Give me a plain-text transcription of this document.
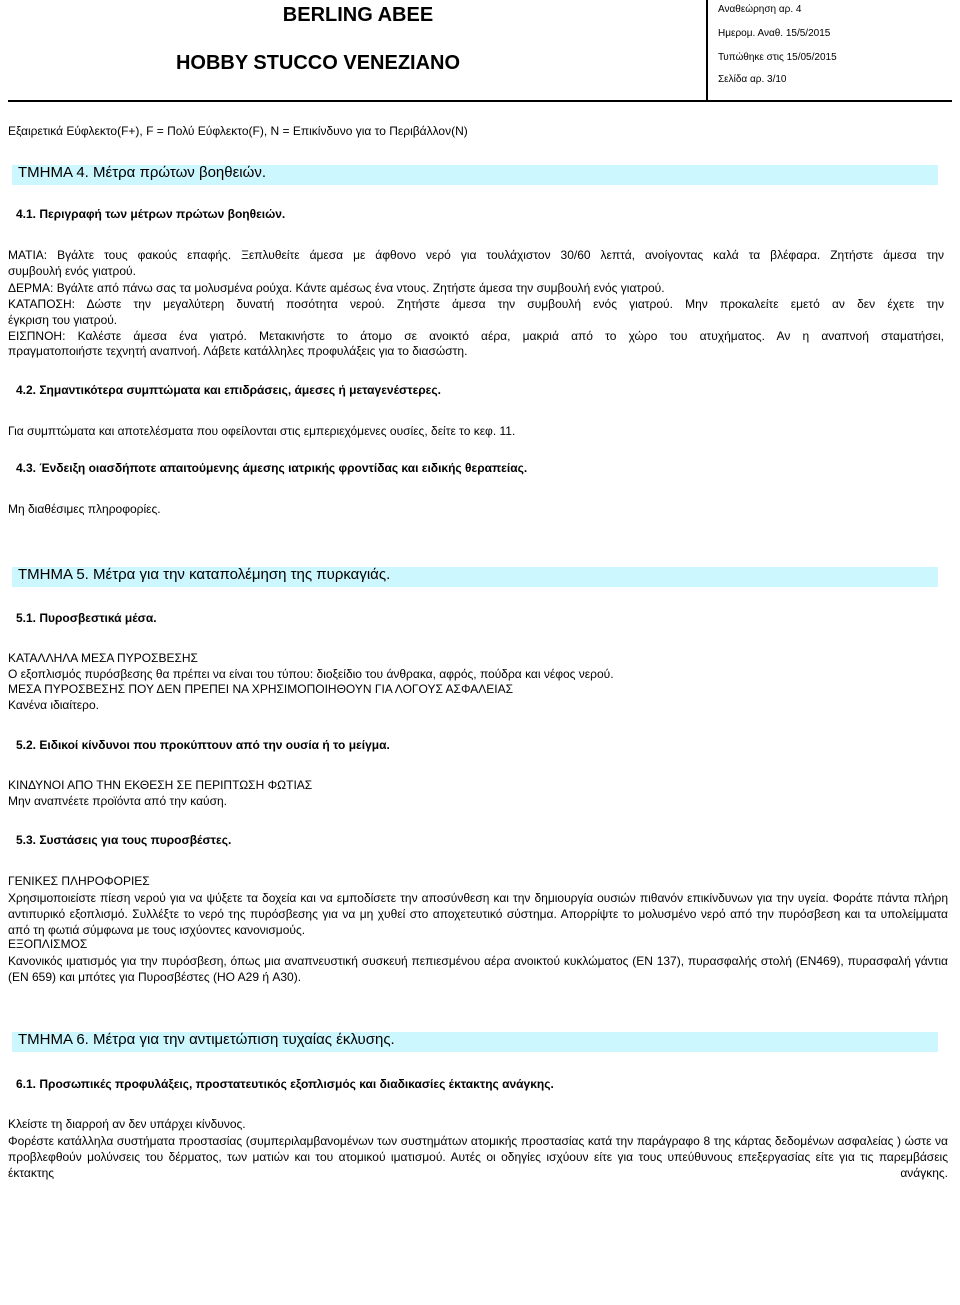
BERLING ABEE
HOBBY STUCCO VENEZIANO
Αναθεώρηση αρ. 4
Ημερομ. Αναθ. 15/5/2015
Τυπώθηκε στις 15/05/2015
Σελίδα αρ. 3/10
Εξαιρετικά Εύφλεκτο(F+), F = Πολύ Εύφλεκτο(F), N = Επικίνδυνο για το Περιβάλλον(N)
ΤΜΗΜΑ 4. Μέτρα πρώτων βοηθειών.
4.1. Περιγραφή των μέτρων πρώτων βοηθειών.
ΜΑΤΙΑ: Βγάλτε τους φακούς επαφής. Ξεπλυθείτε άμεσα με άφθονο νερό για τουλάχιστον 30/60 λεπτά, ανοίγοντας καλά τα βλέφαρα. Ζητήστε άμεσα την
συμβουλή ενός γιατρού.
ΔΕΡΜΑ: Βγάλτε από πάνω σας τα μολυσμένα ρούχα. Κάντε αμέσως ένα ντους. Ζητήστε άμεσα την συμβουλή ενός γιατρού.
ΚΑΤΑΠΟΣΗ: Δώστε την μεγαλύτερη δυνατή ποσότητα νερού. Ζητήστε άμεσα την συμβουλή ενός γιατρού. Μην προκαλείτε εμετό αν δεν έχετε την
έγκριση του γιατρού.
ΕΙΣΠΝΟΗ: Καλέστε άμεσα ένα γιατρό. Μετακινήστε το άτομο σε ανοικτό αέρα, μακριά από το χώρο του ατυχήματος. Αν η αναπνοή σταματήσει,
πραγματοποιήστε τεχνητή αναπνοή. Λάβετε κατάλληλες προφυλάξεις για το διασώστη.
4.2. Σημαντικότερα συμπτώματα και επιδράσεις, άμεσες ή μεταγενέστερες.
Για συμπτώματα και αποτελέσματα που οφείλονται στις εμπεριεχόμενες ουσίες, δείτε το κεφ. 11.
4.3. Ένδειξη οιασδήποτε απαιτούμενης άμεσης ιατρικής φροντίδας και ειδικής θεραπείας.
Μη διαθέσιμες πληροφορίες.
ΤΜΗΜΑ 5. Μέτρα για την καταπολέμηση της πυρκαγιάς.
5.1. Πυροσβεστικά μέσα.
ΚΑΤΑΛΛΗΛΑ ΜΕΣΑ ΠΥΡΟΣΒΕΣΗΣ
Ο εξοπλισμός πυρόσβεσης θα πρέπει να είναι του τύπου: διοξείδιο του άνθρακα, αφρός, πούδρα και νέφος νερού.
ΜΕΣΑ ΠΥΡΟΣΒΕΣΗΣ ΠΟΥ ΔΕΝ ΠΡΕΠΕΙ ΝΑ ΧΡΗΣΙΜΟΠΟΙΗΘΟΥΝ ΓΙΑ ΛΟΓΟΥΣ ΑΣΦΑΛΕΙΑΣ
Κανένα ιδιαίτερο.
5.2. Ειδικοί κίνδυνοι που προκύπτουν από την ουσία ή το μείγμα.
ΚΙΝΔΥΝΟΙ ΑΠΟ ΤΗΝ ΕΚΘΕΣΗ ΣΕ ΠΕΡΙΠΤΩΣΗ ΦΩΤΙΑΣ
Μην αναπνέετε προϊόντα από την καύση.
5.3. Συστάσεις για τους πυροσβέστες.
ΓΕΝΙΚΕΣ ΠΛΗΡΟΦΟΡΙΕΣ
Χρησιμοποιείστε πίεση νερού για να ψύξετε τα δοχεία και να εμποδίσετε την αποσύνθεση και την δημιουργία ουσιών πιθανόν επικίνδυνων για την υγεία. Φοράτε πάντα πλήρη αντιπυρικό εξοπλισμό. Συλλέξτε το νερό της πυρόσβεσης για να μη χυθεί στο αποχετευτικό σύστημα. Απορρίψτε το μολυσμένο νερό από την πυρόσβεση και τα υπολείμματα από τη φωτιά σύμφωνα με τους ισχύοντες κανονισμούς.
ΕΞΟΠΛΙΣΜΟΣ
Κανονικός ιματισμός για την πυρόσβεση, όπως μια αναπνευστική συσκευή πεπιεσμένου αέρα ανοικτού κυκλώματος (EN 137), πυρασφαλής στολή (EN469), πυρασφαλή γάντια (EN 659) και μπότες για Πυροσβέστες (HO A29 ή A30).
ΤΜΗΜΑ 6. Μέτρα για την αντιμετώπιση τυχαίας έκλυσης.
6.1. Προσωπικές προφυλάξεις, προστατευτικός εξοπλισμός και διαδικασίες έκτακτης ανάγκης.
Κλείστε τη διαρροή αν δεν υπάρχει κίνδυνος.
Φορέστε κατάλληλα συστήματα προστασίας (συμπεριλαμβανομένων των συστημάτων ατομικής προστασίας κατά την παράγραφο 8 της κάρτας δεδομένων ασφαλείας ) ώστε να προβλεφθούν μολύνσεις του δέρματος, των ματιών και του ατομικού ιματισμού. Αυτές οι οδηγίες ισχύουν είτε για τους υπεύθυνους επεξεργασίας είτε για τις παρεμβάσεις έκτακτης ανάγκης.
